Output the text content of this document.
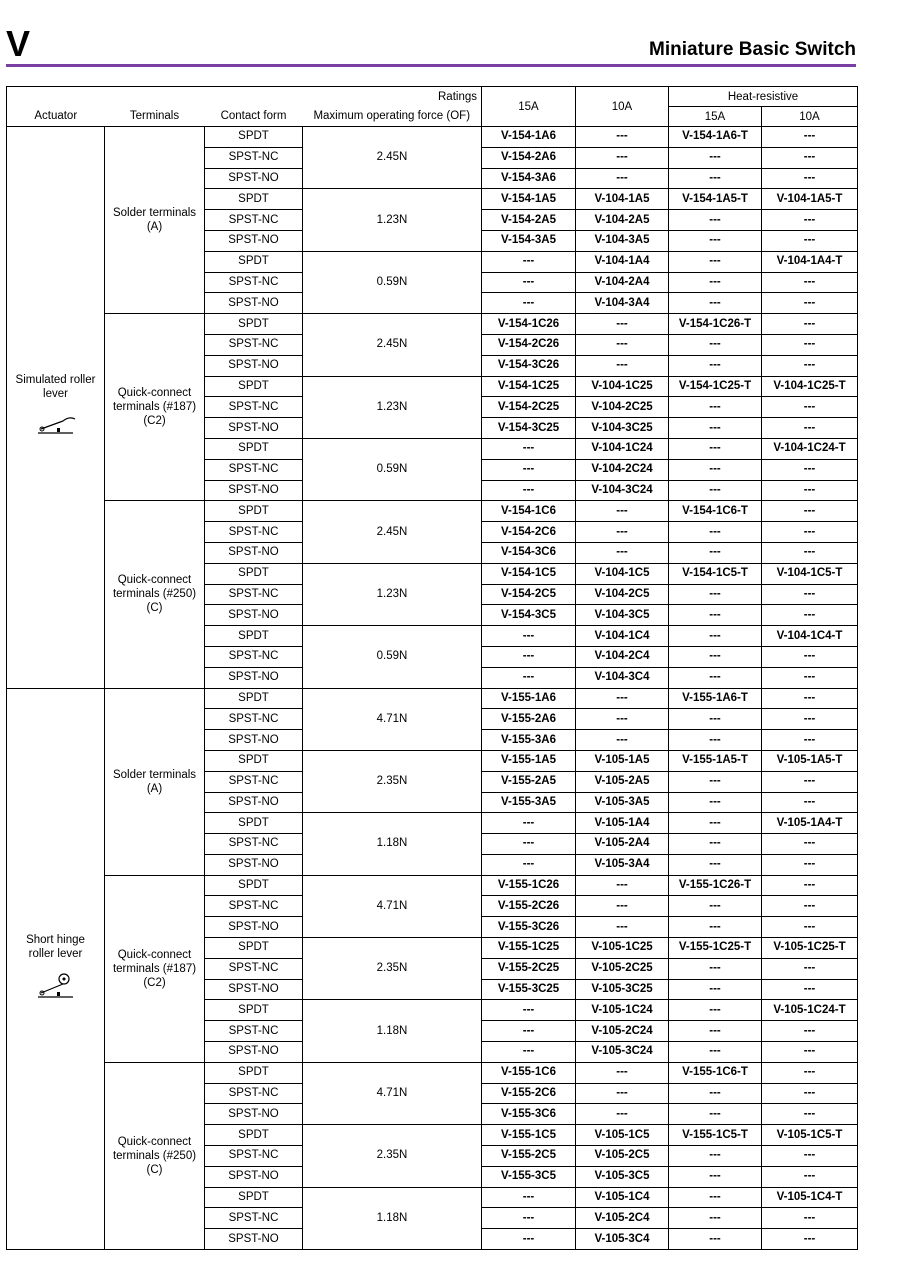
V	Miniature Basic Switch
			Ratings	15A	10A	Heat-resistive	
Actuator	Terminals	Contact form	Maximum operating force (OF)			15A	10A

Simulated roller lever	Solder terminals (A)	SPDT	2.45N	V-154-1A6	---	V-154-1A6-T	---
		SPST-NC		V-154-2A6	---	---	---
		SPST-NO		V-154-3A6	---	---	---
		SPDT	1.23N	V-154-1A5	V-104-1A5	V-154-1A5-T	V-104-1A5-T
		SPST-NC		V-154-2A5	V-104-2A5	---	---
		SPST-NO		V-154-3A5	V-104-3A5	---	---
		SPDT	0.59N	---	V-104-1A4	---	V-104-1A4-T
		SPST-NC		---	V-104-2A4	---	---
		SPST-NO		---	V-104-3A4	---	---

	Quick-connect terminals (#187) (C2)	SPDT	2.45N	V-154-1C26	---	V-154-1C26-T	---
		SPST-NC		V-154-2C26	---	---	---
		SPST-NO		V-154-3C26	---	---	---
		SPDT	1.23N	V-154-1C25	V-104-1C25	V-154-1C25-T	V-104-1C25-T
		SPST-NC		V-154-2C25	V-104-2C25	---	---
		SPST-NO		V-154-3C25	V-104-3C25	---	---
		SPDT	0.59N	---	V-104-1C24	---	V-104-1C24-T
		SPST-NC		---	V-104-2C24	---	---
		SPST-NO		---	V-104-3C24	---	---

	Quick-connect terminals (#250) (C)	SPDT	2.45N	V-154-1C6	---	V-154-1C6-T	---
		SPST-NC		V-154-2C6	---	---	---
		SPST-NO		V-154-3C6	---	---	---
		SPDT	1.23N	V-154-1C5	V-104-1C5	V-154-1C5-T	V-104-1C5-T
		SPST-NC		V-154-2C5	V-104-2C5	---	---
		SPST-NO		V-154-3C5	V-104-3C5	---	---
		SPDT	0.59N	---	V-104-1C4	---	V-104-1C4-T
		SPST-NC		---	V-104-2C4	---	---
		SPST-NO		---	V-104-3C4	---	---

Short hinge roller lever	Solder terminals (A)	SPDT	4.71N	V-155-1A6	---	V-155-1A6-T	---
		SPST-NC		V-155-2A6	---	---	---
		SPST-NO		V-155-3A6	---	---	---
		SPDT	2.35N	V-155-1A5	V-105-1A5	V-155-1A5-T	V-105-1A5-T
		SPST-NC		V-155-2A5	V-105-2A5	---	---
		SPST-NO		V-155-3A5	V-105-3A5	---	---
		SPDT	1.18N	---	V-105-1A4	---	V-105-1A4-T
		SPST-NC		---	V-105-2A4	---	---
		SPST-NO		---	V-105-3A4	---	---

	Quick-connect terminals (#187) (C2)	SPDT	4.71N	V-155-1C26	---	V-155-1C26-T	---
		SPST-NC		V-155-2C26	---	---	---
		SPST-NO		V-155-3C26	---	---	---
		SPDT	2.35N	V-155-1C25	V-105-1C25	V-155-1C25-T	V-105-1C25-T
		SPST-NC		V-155-2C25	V-105-2C25	---	---
		SPST-NO		V-155-3C25	V-105-3C25	---	---
		SPDT	1.18N	---	V-105-1C24	---	V-105-1C24-T
		SPST-NC		---	V-105-2C24	---	---
		SPST-NO		---	V-105-3C24	---	---

	Quick-connect terminals (#250) (C)	SPDT	4.71N	V-155-1C6	---	V-155-1C6-T	---
		SPST-NC		V-155-2C6	---	---	---
		SPST-NO		V-155-3C6	---	---	---
		SPDT	2.35N	V-155-1C5	V-105-1C5	V-155-1C5-T	V-105-1C5-T
		SPST-NC		V-155-2C5	V-105-2C5	---	---
		SPST-NO		V-155-3C5	V-105-3C5	---	---
		SPDT	1.18N	---	V-105-1C4	---	V-105-1C4-T
		SPST-NC		---	V-105-2C4	---	---
		SPST-NO		---	V-105-3C4	---	---
